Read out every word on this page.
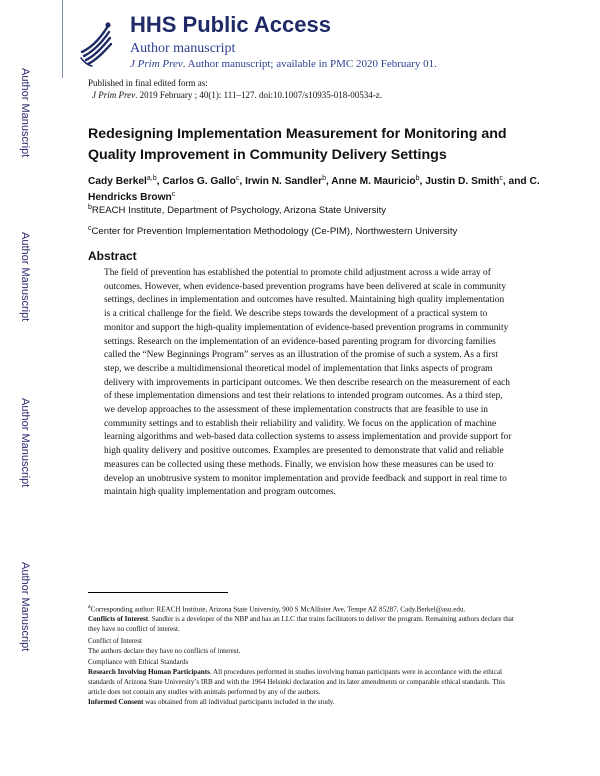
Author Manuscript
Author Manuscript
Author Manuscript
Author Manuscript
HHS Public Access
Author manuscript
J Prim Prev. Author manuscript; available in PMC 2020 February 01.
Published in final edited form as:
J Prim Prev. 2019 February ; 40(1): 111–127. doi:10.1007/s10935-018-00534-z.
Redesigning Implementation Measurement for Monitoring and Quality Improvement in Community Delivery Settings
Cady Berkel$^{a,b}$, Carlos G. Gallo$^c$, Irwin N. Sandler$^b$, Anne M. Mauricio$^b$, Justin D. Smith$^c$, and C. Hendricks Brown$^c$
$^b$REACH Institute, Department of Psychology, Arizona State University
$^c$Center for Prevention Implementation Methodology (Ce-PIM), Northwestern University
Abstract

The field of prevention has established the potential to promote child adjustment across a wide array of outcomes. However, when evidence-based prevention programs have been delivered at scale in community settings, declines in implementation and outcomes have resulted. Maintaining high quality implementation is a critical challenge for the field. We describe steps towards the development of a practical system to monitor and support the high-quality implementation of evidence-based prevention programs in community settings. Research on the implementation of an evidence-based parenting program for divorcing families called the “New Beginnings Program” serves as an illustration of the promise of such a system. As a first step, we describe a multidimensional theoretical model of implementation that links aspects of program delivery with improvements in participant outcomes. We then describe research on the measurement of each of these implementation dimensions and test their relations to intended program outcomes. As a third step, we develop approaches to the assessment of these implementation constructs that are feasible to use in community settings and to establish their reliability and validity. We focus on the application of machine learning algorithms and web-based data collection systems to assess implementation and provide support for high quality delivery and positive outcomes. Examples are presented to demonstrate that valid and reliable measures can be collected using these methods. Finally, we envision how these measures can be used to develop an unobtrusive system to monitor implementation and provide feedback and support in real time to maintain high quality implementation and program outcomes.

$^a$Corresponding author: REACH Institute, Arizona State University, 900 S McAllister Ave, Tempe AZ 85287, Cady.Berkel@asu.edu.

Conflicts of Interest. Sandler is a developer of the NBP and has an LLC that trains facilitators to deliver the program. Remaining authors declare that they have no conflict of interest.

Conflict of Interest

The authors declare they have no conflicts of interest.

Compliance with Ethical Standards

Research Involving Human Participants. All procedures performed in studies involving human participants were in accordance with the ethical standards of Arizona State University’s IRB and with the 1964 Helsinki declaration and its later amendments or comparable ethical standards. This article does not contain any studies with animals performed by any of the authors.

Informed Consent was obtained from all individual participants included in the study.
